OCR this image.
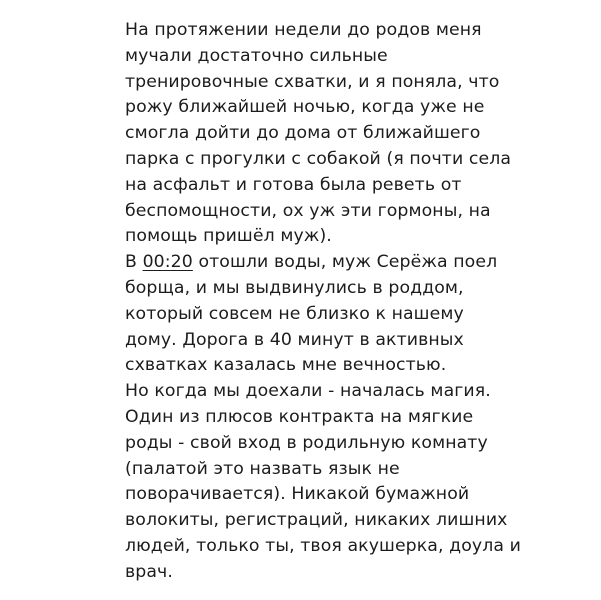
На протяжении недели до родов меня
мучали достаточно сильные
тренировочные схватки, и я поняла, что
рожу ближайшей ночью, когда уже не
смогла дойти до дома от ближайшего
парка с прогулки с собакой (я почти села
на асфальт и готова была реветь от
беспомощности, ох уж эти гормоны, на
помощь пришёл муж).
В 00:20 отошли воды, муж Серёжа поел
борща, и мы выдвинулись в роддом,
который совсем не близко к нашему
дому. Дорога в 40 минут в активных
схватках казалась мне вечностью.
Но когда мы доехали - началась магия.
Один из плюсов контракта на мягкие
роды - свой вход в родильную комнату
(палатой это назвать язык не
поворачивается). Никакой бумажной
волокиты, регистраций, никаких лишних
людей, только ты, твоя акушерка, доула и
врач.
